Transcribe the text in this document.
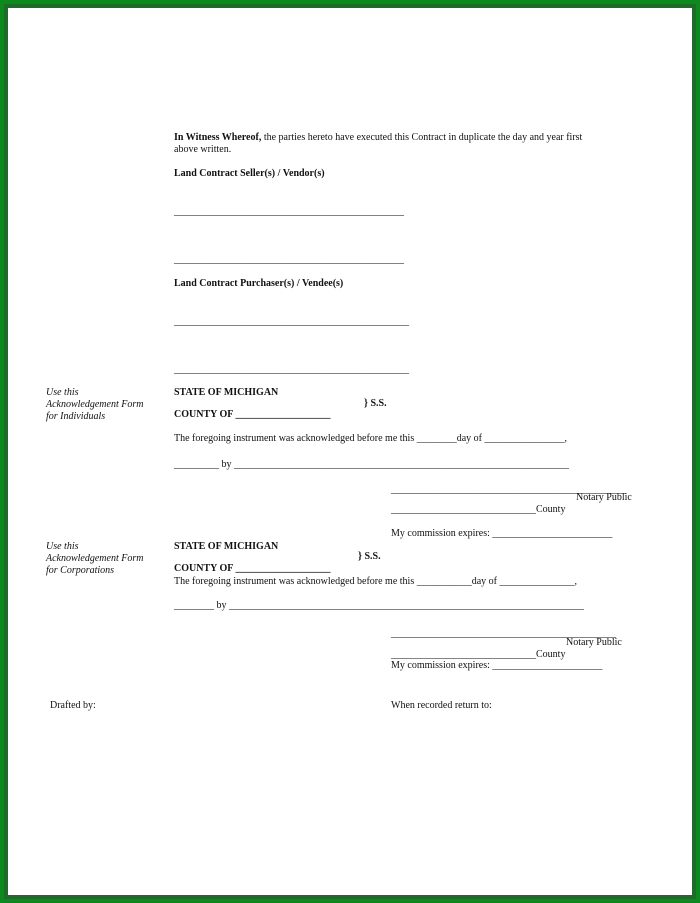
In Witness Whereof, the parties hereto have executed this Contract in duplicate the day and year first
above written.
Land Contract Seller(s) / Vendor(s)
______________________________________________
______________________________________________
Land Contract Purchaser(s) / Vendee(s)
_______________________________________________
_______________________________________________
Use this
Acknowledgement Form
for Individuals
STATE OF MICHIGAN
} S.S.
COUNTY OF ___________________
The foregoing instrument was acknowledged before me this ________day of ________________,
_________ by ___________________________________________________________________
_______________________________________________
Notary Public
_____________________________County
My commission expires: ________________________
Use this
Acknowledgement Form
for Corporations
STATE OF MICHIGAN
} S.S.
COUNTY OF ___________________
The foregoing instrument was acknowledged before me this ___________day of _______________,
________ by _______________________________________________________________________
_____________________________________________
Notary Public
_____________________________County
My commission expires: ______________________
Drafted by:	When recorded return to:
